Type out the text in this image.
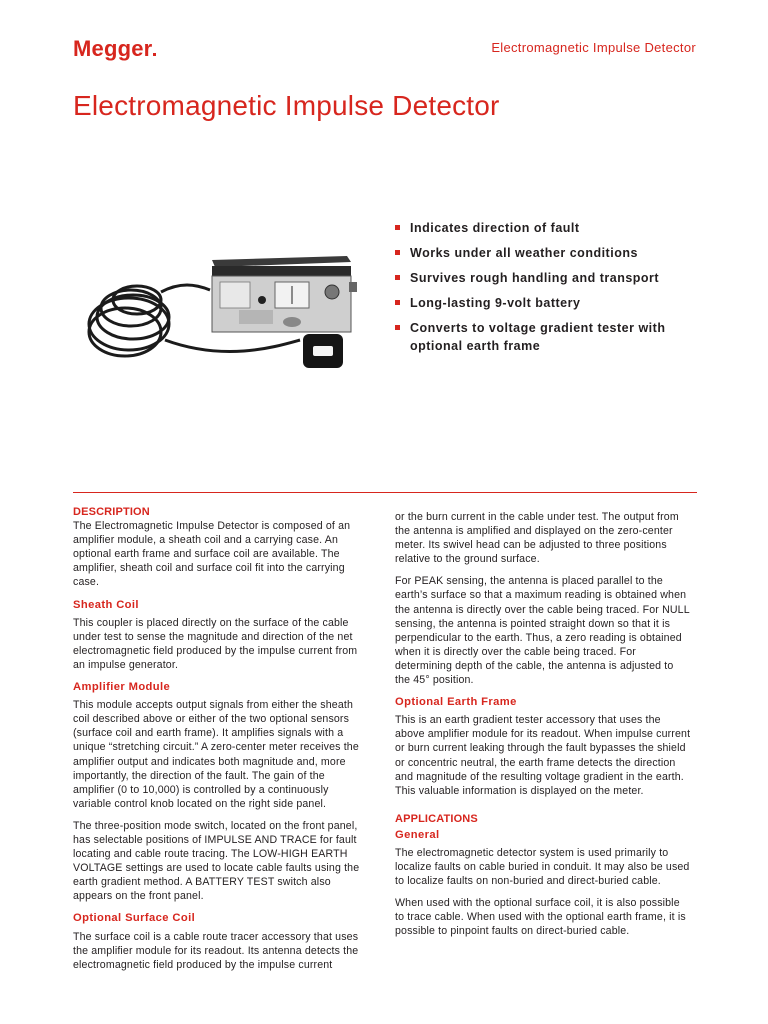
Megger	Electromagnetic Impulse Detector
Electromagnetic Impulse Detector
Indicates direction of fault
Works under all weather conditions
Survives rough handling and transport
Long-lasting 9-volt battery
Converts to voltage gradient tester with optional earth frame
DESCRIPTION

The Electromagnetic Impulse Detector is composed of an amplifier module, a sheath coil and a carrying case. An optional earth frame and surface coil are available. The amplifier, sheath coil and surface coil fit into the carrying case.

Sheath Coil

This coupler is placed directly on the surface of the cable under test to sense the magnitude and direction of the net electromagnetic field produced by the impulse current from an impulse generator.

Amplifier Module

This module accepts output signals from either the sheath coil described above or either of the two optional sensors (surface coil and earth frame). It amplifies signals with a unique “stretching circuit.” A zero-center meter receives the amplifier output and indicates both magnitude and, more importantly, the direction of the fault. The gain of the amplifier (0 to 10,000) is controlled by a continuously variable control knob located on the right side panel.

The three-position mode switch, located on the front panel, has selectable positions of IMPULSE AND TRACE for fault locating and cable route tracing. The LOW-HIGH EARTH VOLTAGE settings are used to locate cable faults using the earth gradient method. A BATTERY TEST switch also appears on the front panel.

Optional Surface Coil

The surface coil is a cable route tracer accessory that uses the amplifier module for its readout. Its antenna detects the electromagnetic field produced by the impulse current

or the burn current in the cable under test. The output from the antenna is amplified and displayed on the zero-center meter. Its swivel head can be adjusted to three positions relative to the ground surface.

For PEAK sensing, the antenna is placed parallel to the earth’s surface so that a maximum reading is obtained when the antenna is directly over the cable being traced. For NULL sensing, the antenna is pointed straight down so that it is perpendicular to the earth. Thus, a zero reading is obtained when it is directly over the cable being traced. For determining depth of the cable, the antenna is adjusted to the 45° position.

Optional Earth Frame

This is an earth gradient tester accessory that uses the above amplifier module for its readout. When impulse current or burn current leaking through the fault bypasses the shield or concentric neutral, the earth frame detects the direction and magnitude of the resulting voltage gradient in the earth. This valuable information is displayed on the meter.

APPLICATIONS
General

The electromagnetic detector system is used primarily to localize faults on cable buried in conduit. It may also be used to localize faults on non-buried and direct-buried cable.

When used with the optional surface coil, it is also possible to trace cable. When used with the optional earth frame, it is possible to pinpoint faults on direct-buried cable.
